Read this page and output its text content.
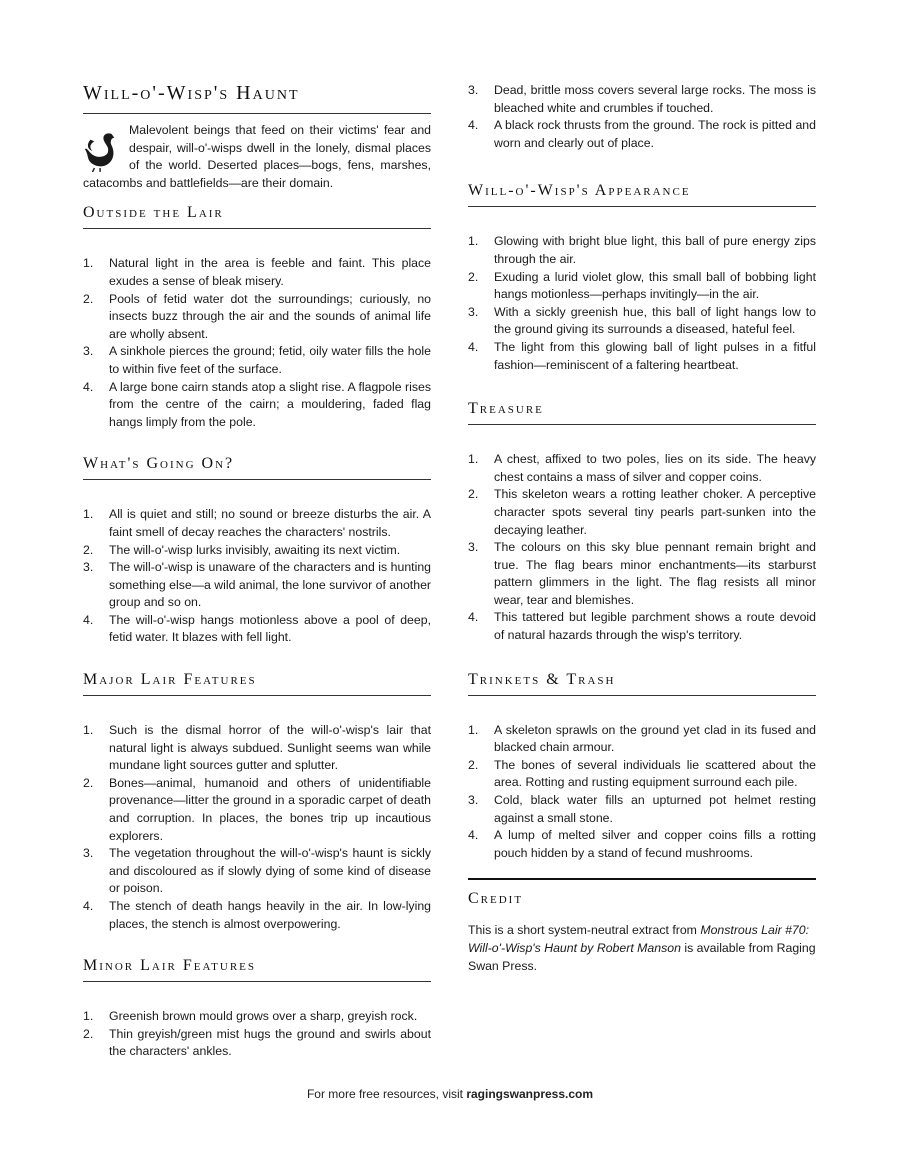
Will-o'-Wisp's Haunt

Malevolent beings that feed on their victims' fear and despair, will-o'-wisps dwell in the lonely, dismal places of the world. Deserted places—bogs, fens, marshes, catacombs and battlefields—are their domain.

Outside the Lair
1. Natural light in the area is feeble and faint. This place exudes a sense of bleak misery.
2. Pools of fetid water dot the surroundings; curiously, no insects buzz through the air and the sounds of animal life are wholly absent.
3. A sinkhole pierces the ground; fetid, oily water fills the hole to within five feet of the surface.
4. A large bone cairn stands atop a slight rise. A flagpole rises from the centre of the cairn; a mouldering, faded flag hangs limply from the pole.
What's Going On?
1. All is quiet and still; no sound or breeze disturbs the air. A faint smell of decay reaches the characters' nostrils.
2. The will-o'-wisp lurks invisibly, awaiting its next victim.
3. The will-o'-wisp is unaware of the characters and is hunting something else—a wild animal, the lone survivor of another group and so on.
4. The will-o'-wisp hangs motionless above a pool of deep, fetid water. It blazes with fell light.
Major Lair Features
1. Such is the dismal horror of the will-o'-wisp's lair that natural light is always subdued. Sunlight seems wan while mundane light sources gutter and splutter.
2. Bones—animal, humanoid and others of unidentifiable provenance—litter the ground in a sporadic carpet of death and corruption. In places, the bones trip up incautious explorers.
3. The vegetation throughout the will-o'-wisp's haunt is sickly and discoloured as if slowly dying of some kind of disease or poison.
4. The stench of death hangs heavily in the air. In low-lying places, the stench is almost overpowering.
Minor Lair Features
1. Greenish brown mould grows over a sharp, greyish rock.
2. Thin greyish/green mist hugs the ground and swirls about the characters' ankles.
3. Dead, brittle moss covers several large rocks. The moss is bleached white and crumbles if touched.
4. A black rock thrusts from the ground. The rock is pitted and worn and clearly out of place.
Will-o'-Wisp's Appearance
1. Glowing with bright blue light, this ball of pure energy zips through the air.
2. Exuding a lurid violet glow, this small ball of bobbing light hangs motionless—perhaps invitingly—in the air.
3. With a sickly greenish hue, this ball of light hangs low to the ground giving its surrounds a diseased, hateful feel.
4. The light from this glowing ball of light pulses in a fitful fashion—reminiscent of a faltering heartbeat.
Treasure
1. A chest, affixed to two poles, lies on its side. The heavy chest contains a mass of silver and copper coins.
2. This skeleton wears a rotting leather choker. A perceptive character spots several tiny pearls part-sunken into the decaying leather.
3. The colours on this sky blue pennant remain bright and true. The flag bears minor enchantments—its starburst pattern glimmers in the light. The flag resists all minor wear, tear and blemishes.
4. This tattered but legible parchment shows a route devoid of natural hazards through the wisp's territory.
Trinkets & Trash
1. A skeleton sprawls on the ground yet clad in its fused and blacked chain armour.
2. The bones of several individuals lie scattered about the area. Rotting and rusting equipment surround each pile.
3. Cold, black water fills an upturned pot helmet resting against a small stone.
4. A lump of melted silver and copper coins fills a rotting pouch hidden by a stand of fecund mushrooms.
Credit

This is a short system-neutral extract from Monstrous Lair #70: Will-o'-Wisp's Haunt by Robert Manson is available from Raging Swan Press.

For more free resources, visit ragingswanpress.com
